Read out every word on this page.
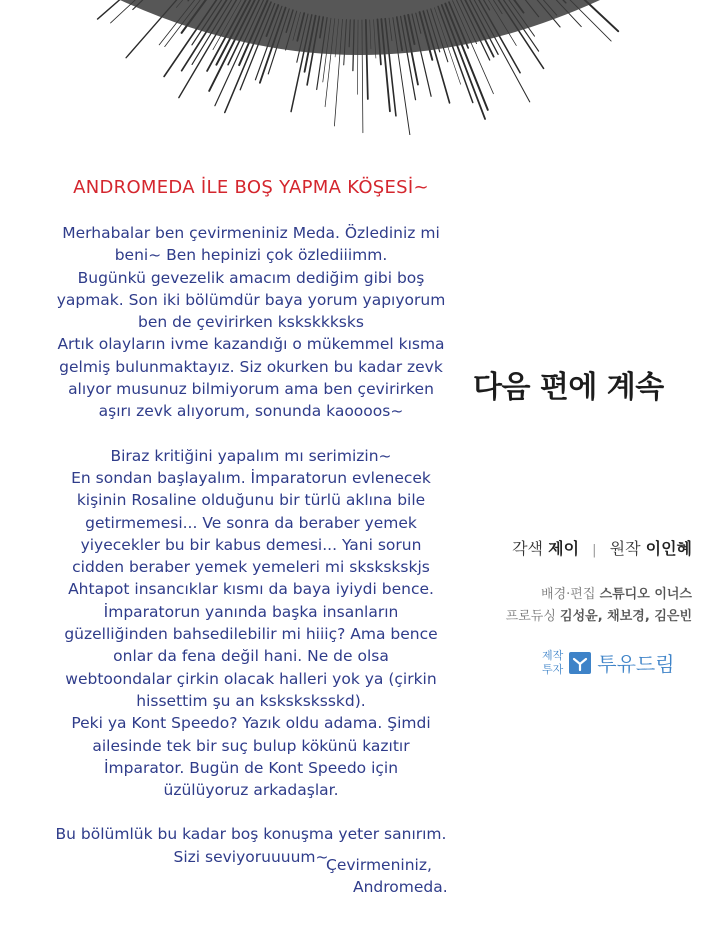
ANDROMEDA İLE BOŞ YAPMA KÖŞESİ~

Merhabalar ben çevirmeniniz Meda. Özlediniz mi
beni~ Ben hepinizi çok özlediiimm.
Bugünkü gevezelik amacım dediğim gibi boş
yapmak. Son iki bölümdür baya yorum yapıyorum
ben de çevirirken kskskkksks
Artık olayların ivme kazandığı o mükemmel kısma
gelmiş bulunmaktayız. Siz okurken bu kadar zevk
alıyor musunuz bilmiyorum ama ben çevirirken
aşırı zevk alıyorum, sonunda kaoooos~

Biraz kritiğini yapalım mı serimizin~
En sondan başlayalım. İmparatorun evlenecek
kişinin Rosaline olduğunu bir türlü aklına bile
getirmemesi... Ve sonra da beraber yemek
yiyecekler bu bir kabus demesi... Yani sorun
cidden beraber yemek yemeleri mi skskskskjs
Ahtapot insancıklar kısmı da baya iyiydi bence.
İmparatorun yanında başka insanların
güzelliğinden bahsedilebilir mi hiiiç? Ama bence
onlar da fena değil hani. Ne de olsa
webtoondalar çirkin olacak halleri yok ya (çirkin
hissettim şu an ksksksksskd).
Peki ya Kont Speedo? Yazık oldu adama. Şimdi
ailesinde tek bir suç bulup kökünü kazıtır
İmparator. Bugün de Kont Speedo için
üzülüyoruz arkadaşlar.

Bu bölümlük bu kadar boş konuşma yeter sanırım.
Sizi seviyoruuuum~

Çevirmeniniz,
Andromeda.
다음 편에 계속
각색 제이 | 원작 이인혜

배경·편집 스튜디오 이너스

프로듀싱 김성윤, 채보경, 김은빈

제작
투자 투유드림
